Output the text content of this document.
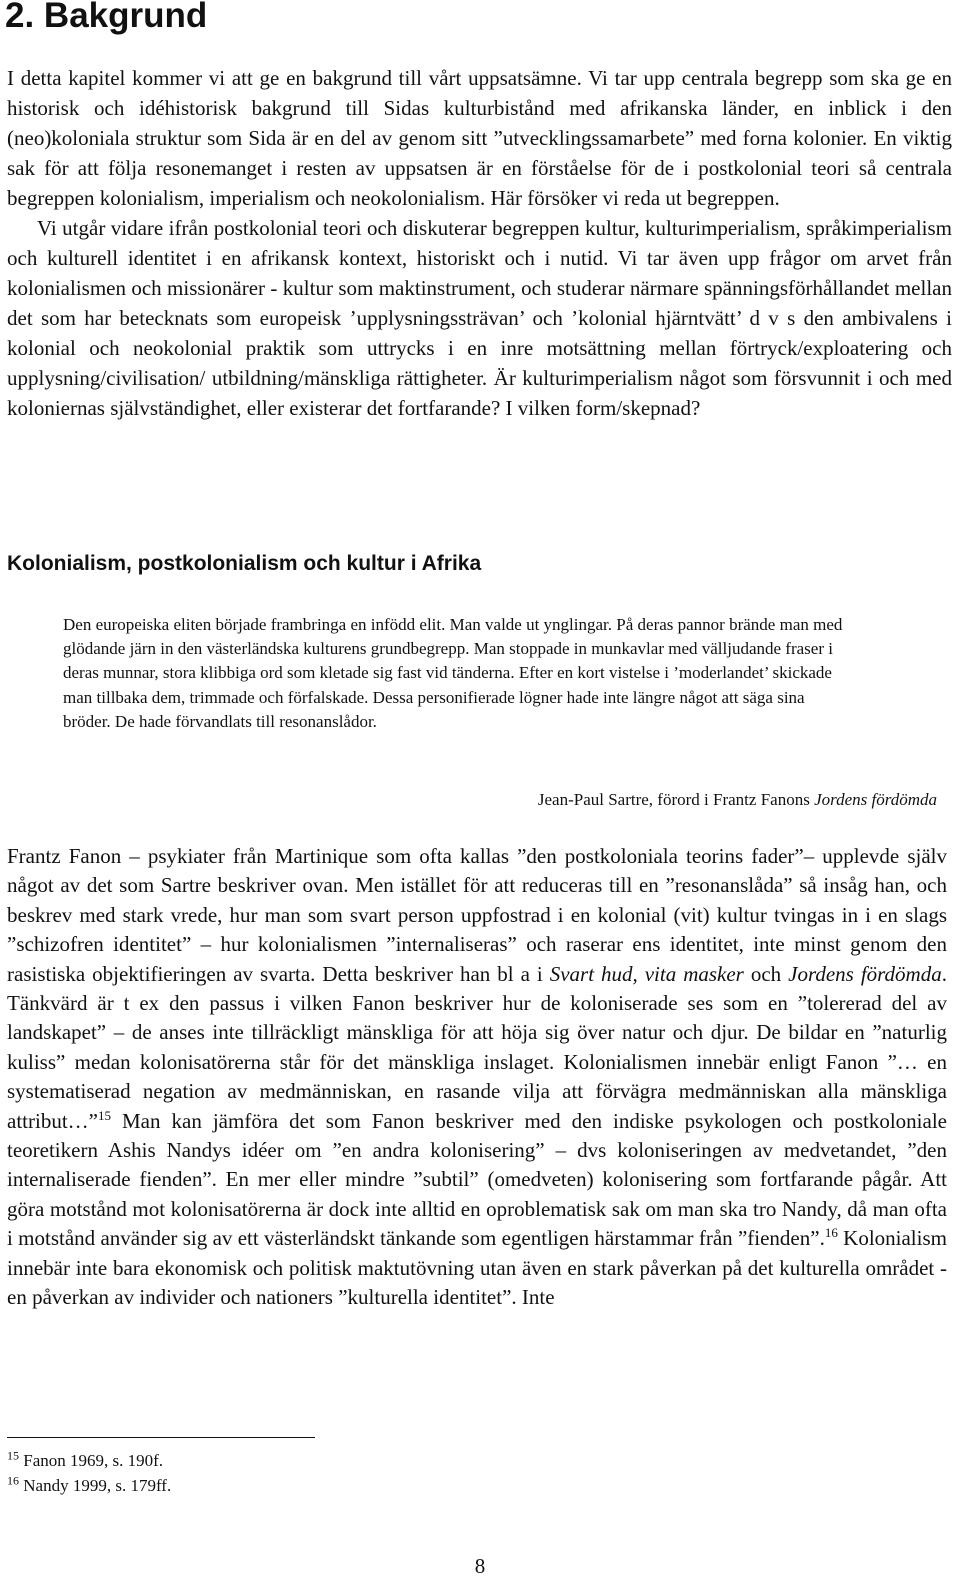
2. Bakgrund

I detta kapitel kommer vi att ge en bakgrund till vårt uppsatsämne. Vi tar upp centrala begrepp som ska ge en historisk och idéhistorisk bakgrund till Sidas kulturbistånd med afrikanska länder, en inblick i den (neo)koloniala struktur som Sida är en del av genom sitt ”utvecklingssamarbete” med forna kolonier. En viktig sak för att följa resonemanget i resten av uppsatsen är en förståelse för de i postkolonial teori så centrala begreppen kolonialism, imperialism och neokolonialism. Här försöker vi reda ut begreppen.

Vi utgår vidare ifrån postkolonial teori och diskuterar begreppen kultur, kulturimperialism, språkimperialism och kulturell identitet i en afrikansk kontext, historiskt och i nutid. Vi tar även upp frågor om arvet från kolonialismen och missionärer - kultur som maktinstrument, och studerar närmare spänningsförhållandet mellan det som har betecknats som europeisk ’upplysningssträvan’ och ’kolonial hjärntvätt’ d v s den ambivalens i kolonial och neokolonial praktik som uttrycks i en inre motsättning mellan förtryck/exploatering och upplysning/civilisation/ utbildning/mänskliga rättigheter. Är kulturimperialism något som försvunnit i och med koloniernas självständighet, eller existerar det fortfarande? I vilken form/skepnad?

Kolonialism, postkolonialism och kultur i Afrika

Den europeiska eliten började frambringa en infödd elit. Man valde ut ynglingar. På deras pannor brände man med glödande järn in den västerländska kulturens grundbegrepp. Man stoppade in munkavlar med välljudande fraser i deras munnar, stora klibbiga ord som kletade sig fast vid tänderna. Efter en kort vistelse i ’moderlandet’ skickade man tillbaka dem, trimmade och förfalskade. Dessa personifierade lögner hade inte längre något att säga sina bröder. De hade förvandlats till resonanslådor.

Jean-Paul Sartre, förord i Frantz Fanons Jordens fördömda

Frantz Fanon – psykiater från Martinique som ofta kallas ”den postkoloniala teorins fader”– upplevde själv något av det som Sartre beskriver ovan. Men istället för att reduceras till en ”resonanslåda” så insåg han, och beskrev med stark vrede, hur man som svart person uppfostrad i en kolonial (vit) kultur tvingas in i en slags ”schizofren identitet” – hur kolonialismen ”internaliseras” och raserar ens identitet, inte minst genom den rasistiska objektifieringen av svarta. Detta beskriver han bl a i Svart hud, vita masker och Jordens fördömda. Tänkvärd är t ex den passus i vilken Fanon beskriver hur de koloniserade ses som en ”tolererad del av landskapet” – de anses inte tillräckligt mänskliga för att höja sig över natur och djur. De bildar en ”naturlig kuliss” medan kolonisatörerna står för det mänskliga inslaget. Kolonialismen innebär enligt Fanon ”… en systematiserad negation av medmänniskan, en rasande vilja att förvägra medmänniskan alla mänskliga attribut…”$^{15}$ Man kan jämföra det som Fanon beskriver med den indiske psykologen och postkoloniale teoretikern Ashis Nandys idéer om ”en andra kolonisering” – dvs koloniseringen av medvetandet, ”den internaliserade fienden”. En mer eller mindre ”subtil” (omedveten) kolonisering som fortfarande pågår. Att göra motstånd mot kolonisatörerna är dock inte alltid en oproblematisk sak om man ska tro Nandy, då man ofta i motstånd använder sig av ett västerländskt tänkande som egentligen härstammar från ”fienden”.$^{16}$ Kolonialism innebär inte bara ekonomisk och politisk maktutövning utan även en stark påverkan på det kulturella området - en påverkan av individer och nationers ”kulturella identitet”. Inte

$^{15}$ Fanon 1969, s. 190f.
$^{16}$ Nandy 1999, s. 179ff.

8
